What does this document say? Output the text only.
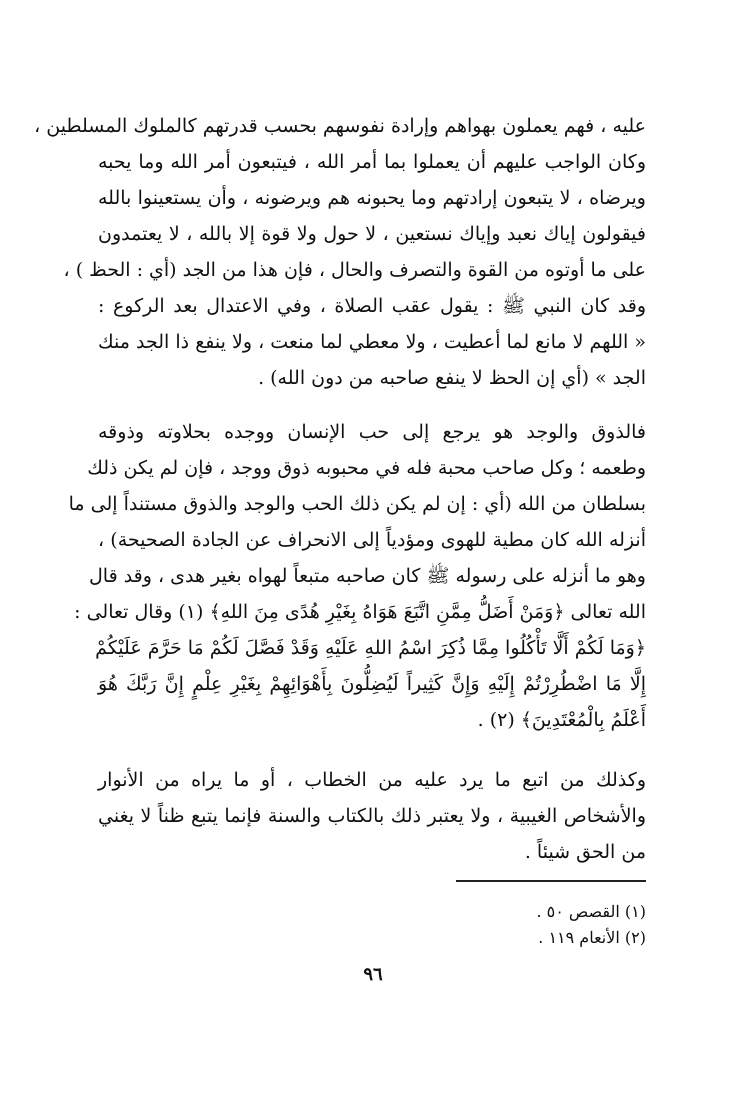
عليه ، فهم يعملون بهواهم وإرادة نفوسهم بحسب قدرتهم كالملوك المسلطين ،
وكان الواجب عليهم أن يعملوا بما أمر الله ، فيتبعون أمر الله وما يحبه
ويرضاه ، لا يتبعون إرادتهم وما يحبونه هم ويرضونه ، وأن يستعينوا بالله
فيقولون إياك نعبد وإياك نستعين ، لا حول ولا قوة إلا بالله ، لا يعتمدون
على ما أوتوه من القوة والتصرف والحال ، فإن هذا من الجد (أي : الحظ ) ،
وقد كان النبي ﷺ : يقول عقب الصلاة ، وفي الاعتدال بعد الركوع :
« اللهم لا مانع لما أعطيت ، ولا معطي لما منعت ، ولا ينفع ذا الجد منك
الجد » (أي إن الحظ لا ينفع صاحبه من دون الله) .
فالذوق والوجد هو يرجع إلى حب الإنسان ووجده بحلاوته وذوقه
وطعمه ؛ وكل صاحب محبة فله في محبوبه ذوق ووجد ، فإن لم يكن ذلك
بسلطان من الله (أي : إن لم يكن ذلك الحب والوجد والذوق مستنداً إلى ما
أنزله الله كان مطية للهوى ومؤدياً إلى الانحراف عن الجادة الصحيحة) ،
وهو ما أنزله على رسوله ﷺ كان صاحبه متبعاً لهواه بغير هدى ، وقد قال
الله تعالى ﴿وَمَنْ أَضَلُّ مِمَّنِ اتَّبَعَ هَوَاهُ بِغَيْرِ هُدًى مِنَ اللهِ﴾ (١) وقال تعالى :
﴿وَمَا لَكُمْ أَلَّا تَأْكُلُوا مِمَّا ذُكِرَ اسْمُ اللهِ عَلَيْهِ وَقَدْ فَصَّلَ لَكُمْ مَا حَرَّمَ عَلَيْكُمْ
إِلَّا مَا اضْطُرِرْتُمْ إِلَيْهِ وَإِنَّ كَثِيراً لَيُضِلُّونَ بِأَهْوَائِهِمْ بِغَيْرِ عِلْمٍ إِنَّ رَبَّكَ هُوَ
أَعْلَمُ بِالْمُعْتَدِينَ﴾ (٢) .
وكذلك من اتبع ما يرد عليه من الخطاب ، أو ما يراه من الأنوار
والأشخاص الغيبية ، ولا يعتبر ذلك بالكتاب والسنة فإنما يتبع ظناً لا يغني
من الحق شيئاً .
(١) القصص ٥٠ .
(٢) الأنعام ١١٩ .
٩٦
